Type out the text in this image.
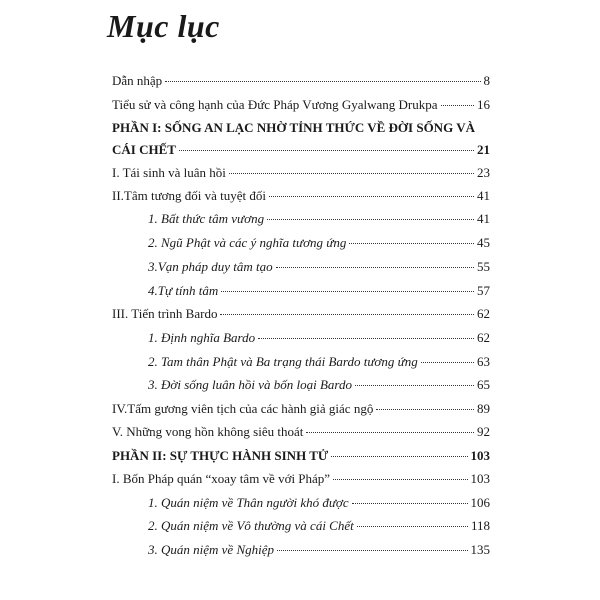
Mục lục
Dẫn nhập	8
Tiểu sử và công hạnh của Đức Pháp Vương Gyalwang Drukpa	16
PHẦN I: SỐNG AN LẠC NHỜ TỈNH THỨC VỀ ĐỜI SỐNG VÀ
CÁI CHẾT	21
I. Tái sinh và luân hồi	23
II.Tâm tương đối và tuyệt đối	41
1. Bất thức tâm vương	41
2. Ngũ Phật và các ý nghĩa tương ứng	45
3.Vạn pháp duy tâm tạo	55
4.Tự tính tâm	57
III. Tiến trình Bardo	62
1. Định nghĩa Bardo	62
2. Tam thân Phật và Ba trạng thái Bardo tương ứng	63
3. Đời sống luân hồi và bốn loại Bardo	65
IV.Tấm gương viên tịch của các hành giả giác ngộ	89
V. Những vong hồn không siêu thoát	92
PHẦN II: SỰ THỰC HÀNH SINH TỬ	103
I. Bốn Pháp quán “xoay tâm về với Pháp”	103
1. Quán niệm về Thân người khó được	106
2. Quán niệm về Vô thường và cái Chết	118
3. Quán niệm về Nghiệp	135
